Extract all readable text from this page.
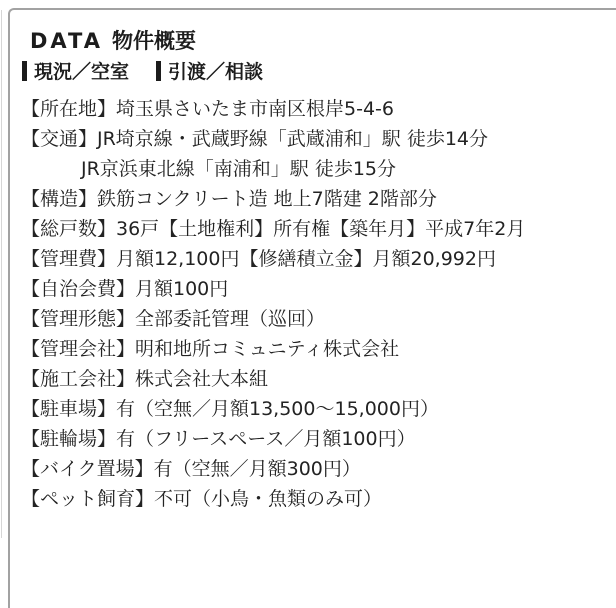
DATA 物件概要
現況／空室 引渡／相談
【所在地】埼玉県さいたま市南区根岸5-4-6
【交通】JR埼京線・武蔵野線「武蔵浦和」駅 徒歩14分
JR京浜東北線「南浦和」駅 徒歩15分
【構造】鉄筋コンクリート造 地上7階建 2階部分
【総戸数】36戸【土地権利】所有権【築年月】平成7年2月
【管理費】月額12,100円【修繕積立金】月額20,992円
【自治会費】月額100円
【管理形態】全部委託管理（巡回）
【管理会社】明和地所コミュニティ株式会社
【施工会社】株式会社大本組
【駐車場】有（空無／月額13,500～15,000円）
【駐輪場】有（フリースペース／月額100円）
【バイク置場】有（空無／月額300円）
【ペット飼育】不可（小鳥・魚類のみ可）
